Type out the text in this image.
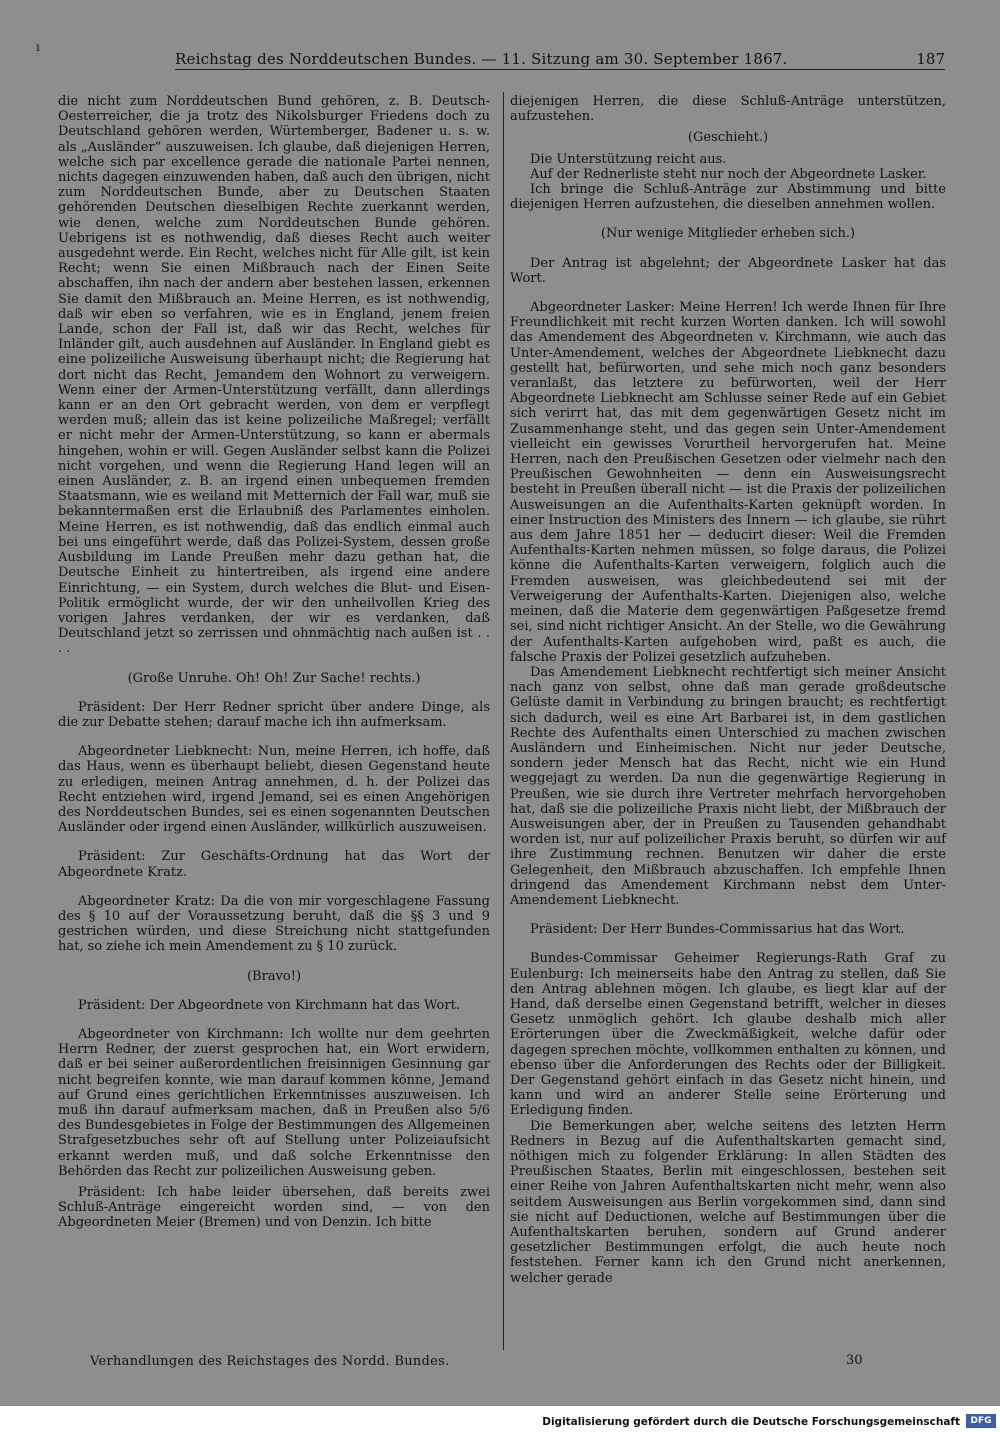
ı
Reichstag des Norddeutschen Bundes. — 11. Sitzung am 30. September 1867.	187

die nicht zum Norddeutschen Bund gehören, z. B. Deutsch-Oesterreicher, die ja trotz des Nikolsburger Friedens doch zu Deutschland gehören werden, Würtemberger, Badener u. s. w. als „Ausländer“ auszuweisen. Ich glaube, daß diejenigen Herren, welche sich par excellence gerade die nationale Partei nennen, nichts dagegen einzuwenden haben, daß auch den übrigen, nicht zum Norddeutschen Bunde, aber zu Deutschen Staaten gehörenden Deutschen dieselbigen Rechte zuerkannt werden, wie denen, welche zum Norddeutschen Bunde gehören. Uebrigens ist es nothwendig, daß dieses Recht auch weiter ausgedehnt werde. Ein Recht, welches nicht für Alle gilt, ist kein Recht; wenn Sie einen Mißbrauch nach der Einen Seite abschaffen, ihn nach der andern aber bestehen lassen, erkennen Sie damit den Mißbrauch an. Meine Herren, es ist nothwendig, daß wir eben so verfahren, wie es in England, jenem freien Lande, schon der Fall ist, daß wir das Recht, welches für Inländer gilt, auch ausdehnen auf Ausländer. In England giebt es eine polizeiliche Ausweisung überhaupt nicht; die Regierung hat dort nicht das Recht, Jemandem den Wohnort zu verweigern. Wenn einer der Armen-Unterstützung verfällt, dann allerdings kann er an den Ort gebracht werden, von dem er verpflegt werden muß; allein das ist keine polizeiliche Maßregel; verfällt er nicht mehr der Armen-Unterstützung, so kann er abermals hingehen, wohin er will. Gegen Ausländer selbst kann die Polizei nicht vorgehen, und wenn die Regierung Hand legen will an einen Ausländer, z. B. an irgend einen unbequemen fremden Staatsmann, wie es weiland mit Metternich der Fall war, muß sie bekanntermaßen erst die Erlaubniß des Parlamentes einholen. Meine Herren, es ist nothwendig, daß das endlich einmal auch bei uns eingeführt werde, daß das Polizei-System, dessen große Ausbildung im Lande Preußen mehr dazu gethan hat, die Deutsche Einheit zu hintertreiben, als irgend eine andere Einrichtung, — ein System, durch welches die Blut- und Eisen-Politik ermöglicht wurde, der wir den unheilvollen Krieg des vorigen Jahres verdanken, der wir es verdanken, daß Deutschland jetzt so zerrissen und ohnmächtig nach außen ist . . . .

(Große Unruhe. Oh! Oh! Zur Sache! rechts.)

Präsident: Der Herr Redner spricht über andere Dinge, als die zur Debatte stehen; darauf mache ich ihn aufmerksam.

Abgeordneter Liebknecht: Nun, meine Herren, ich hoffe, daß das Haus, wenn es überhaupt beliebt, diesen Gegenstand heute zu erledigen, meinen Antrag annehmen, d. h. der Polizei das Recht entziehen wird, irgend Jemand, sei es einen Angehörigen des Norddeutschen Bundes, sei es einen sogenannten Deutschen Ausländer oder irgend einen Ausländer, willkürlich auszuweisen.

Präsident: Zur Geschäfts-Ordnung hat das Wort der Abgeordnete Kratz.

Abgeordneter Kratz: Da die von mir vorgeschlagene Fassung des § 10 auf der Voraussetzung beruht, daß die §§ 3 und 9 gestrichen würden, und diese Streichung nicht stattgefunden hat, so ziehe ich mein Amendement zu § 10 zurück.

(Bravo!)

Präsident: Der Abgeordnete von Kirchmann hat das Wort.

Abgeordneter von Kirchmann: Ich wollte nur dem geehrten Herrn Redner, der zuerst gesprochen hat, ein Wort erwidern, daß er bei seiner außerordentlichen freisinnigen Gesinnung gar nicht begreifen konnte, wie man darauf kommen könne, Jemand auf Grund eines gerichtlichen Erkenntnisses auszuweisen. Ich muß ihn darauf aufmerksam machen, daß in Preußen also 5/6 des Bundesgebietes in Folge der Bestimmungen des Allgemeinen Strafgesetzbuches sehr oft auf Stellung unter Polizeiaufsicht erkannt werden muß, und daß solche Erkenntnisse den Behörden das Recht zur polizeilichen Ausweisung geben.

Präsident: Ich habe leider übersehen, daß bereits zwei Schluß-Anträge eingereicht worden sind, — von den Abgeordneten Meier (Bremen) und von Denzin. Ich bitte

diejenigen Herren, die diese Schluß-Anträge unterstützen, aufzustehen.

(Geschieht.)

Die Unterstützung reicht aus.

Auf der Rednerliste steht nur noch der Abgeordnete Lasker.

Ich bringe die Schluß-Anträge zur Abstimmung und bitte diejenigen Herren aufzustehen, die dieselben annehmen wollen.

(Nur wenige Mitglieder erheben sich.)

Der Antrag ist abgelehnt; der Abgeordnete Lasker hat das Wort.

Abgeordneter Lasker: Meine Herren! Ich werde Ihnen für Ihre Freundlichkeit mit recht kurzen Worten danken. Ich will sowohl das Amendement des Abgeordneten v. Kirchmann, wie auch das Unter-Amendement, welches der Abgeordnete Liebknecht dazu gestellt hat, befürworten, und sehe mich noch ganz besonders veranlaßt, das letztere zu befürworten, weil der Herr Abgeordnete Liebknecht am Schlusse seiner Rede auf ein Gebiet sich verirrt hat, das mit dem gegenwärtigen Gesetz nicht im Zusammenhange steht, und das gegen sein Unter-Amendement vielleicht ein gewisses Vorurtheil hervorgerufen hat. Meine Herren, nach den Preußischen Gesetzen oder vielmehr nach den Preußischen Gewohnheiten — denn ein Ausweisungsrecht besteht in Preußen überall nicht — ist die Praxis der polizeilichen Ausweisungen an die Aufenthalts-Karten geknüpft worden. In einer Instruction des Ministers des Innern — ich glaube, sie rührt aus dem Jahre 1851 her — deducirt dieser: Weil die Fremden Aufenthalts-Karten nehmen müssen, so folge daraus, die Polizei könne die Aufenthalts-Karten verweigern, folglich auch die Fremden ausweisen, was gleichbedeutend sei mit der Verweigerung der Aufenthalts-Karten. Diejenigen also, welche meinen, daß die Materie dem gegenwärtigen Paßgesetze fremd sei, sind nicht richtiger Ansicht. An der Stelle, wo die Gewährung der Aufenthalts-Karten aufgehoben wird, paßt es auch, die falsche Praxis der Polizei gesetzlich aufzuheben.

Das Amendement Liebknecht rechtfertigt sich meiner Ansicht nach ganz von selbst, ohne daß man gerade großdeutsche Gelüste damit in Verbindung zu bringen braucht; es rechtfertigt sich dadurch, weil es eine Art Barbarei ist, in dem gastlichen Rechte des Aufenthalts einen Unterschied zu machen zwischen Ausländern und Einheimischen. Nicht nur jeder Deutsche, sondern jeder Mensch hat das Recht, nicht wie ein Hund weggejagt zu werden. Da nun die gegenwärtige Regierung in Preußen, wie sie durch ihre Vertreter mehrfach hervorgehoben hat, daß sie die polizeiliche Praxis nicht liebt, der Mißbrauch der Ausweisungen aber, der in Preußen zu Tausenden gehandhabt worden ist, nur auf polizeilicher Praxis beruht, so dürfen wir auf ihre Zustimmung rechnen. Benutzen wir daher die erste Gelegenheit, den Mißbrauch abzuschaffen. Ich empfehle Ihnen dringend das Amendement Kirchmann nebst dem Unter-Amendement Liebknecht.

Präsident: Der Herr Bundes-Commissarius hat das Wort.

Bundes-Commissar Geheimer Regierungs-Rath Graf zu Eulenburg: Ich meinerseits habe den Antrag zu stellen, daß Sie den Antrag ablehnen mögen. Ich glaube, es liegt klar auf der Hand, daß derselbe einen Gegenstand betrifft, welcher in dieses Gesetz unmöglich gehört. Ich glaube deshalb mich aller Erörterungen über die Zweckmäßigkeit, welche dafür oder dagegen sprechen möchte, vollkommen enthalten zu können, und ebenso über die Anforderungen des Rechts oder der Billigkeit. Der Gegenstand gehört einfach in das Gesetz nicht hinein, und kann und wird an anderer Stelle seine Erörterung und Erledigung finden.

Die Bemerkungen aber, welche seitens des letzten Herrn Redners in Bezug auf die Aufenthaltskarten gemacht sind, nöthigen mich zu folgender Erklärung: In allen Städten des Preußischen Staates, Berlin mit eingeschlossen, bestehen seit einer Reihe von Jahren Aufenthaltskarten nicht mehr, wenn also seitdem Ausweisungen aus Berlin vorgekommen sind, dann sind sie nicht auf Deductionen, welche auf Bestimmungen über die Aufenthaltskarten beruhen, sondern auf Grund anderer gesetzlicher Bestimmungen erfolgt, die auch heute noch feststehen. Ferner kann ich den Grund nicht anerkennen, welcher gerade

Verhandlungen des Reichstages des Nordd. Bundes.	30
Digitalisierung gefördert durch die Deutsche Forschungsgemeinschaft	DFG
